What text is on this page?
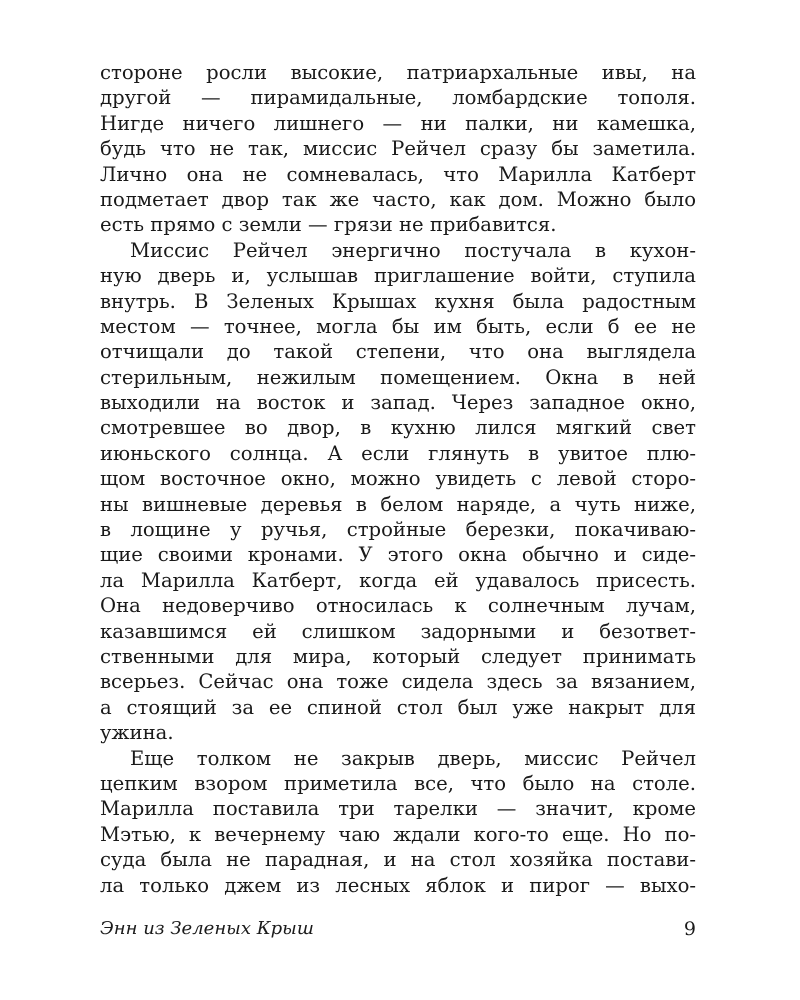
стороне росли высокие, патриархальные ивы, на
другой — пирамидальные, ломбардские тополя.
Нигде ничего лишнего — ни палки, ни камешка,
будь что не так, миссис Рейчел сразу бы заметила.
Лично она не сомневалась, что Марилла Катберт
подметает двор так же часто, как дом. Можно было
есть прямо с земли — грязи не прибавится.
Миссис Рейчел энергично постучала в кухон-
ную дверь и, услышав приглашение войти, ступила
внутрь. В Зеленых Крышах кухня была радостным
местом — точнее, могла бы им быть, если б ее не
отчищали до такой степени, что она выглядела
стерильным, нежилым помещением. Окна в ней
выходили на восток и запад. Через западное окно,
смотревшее во двор, в кухню лился мягкий свет
июньского солнца. А если глянуть в увитое плю-
щом восточное окно, можно увидеть с левой сторо-
ны вишневые деревья в белом наряде, а чуть ниже,
в лощине у ручья, стройные березки, покачиваю-
щие своими кронами. У этого окна обычно и сиде-
ла Марилла Катберт, когда ей удавалось присесть.
Она недоверчиво относилась к солнечным лучам,
казавшимся ей слишком задорными и безответ-
ственными для мира, который следует принимать
всерьез. Сейчас она тоже сидела здесь за вязанием,
а стоящий за ее спиной стол был уже накрыт для
ужина.
Еще толком не закрыв дверь, миссис Рейчел
цепким взором приметила все, что было на столе.
Марилла поставила три тарелки — значит, кроме
Мэтью, к вечернему чаю ждали кого-то еще. Но по-
суда была не парадная, и на стол хозяйка постави-
ла только джем из лесных яблок и пирог — выхо-
Энн из Зеленых Крыш	9
